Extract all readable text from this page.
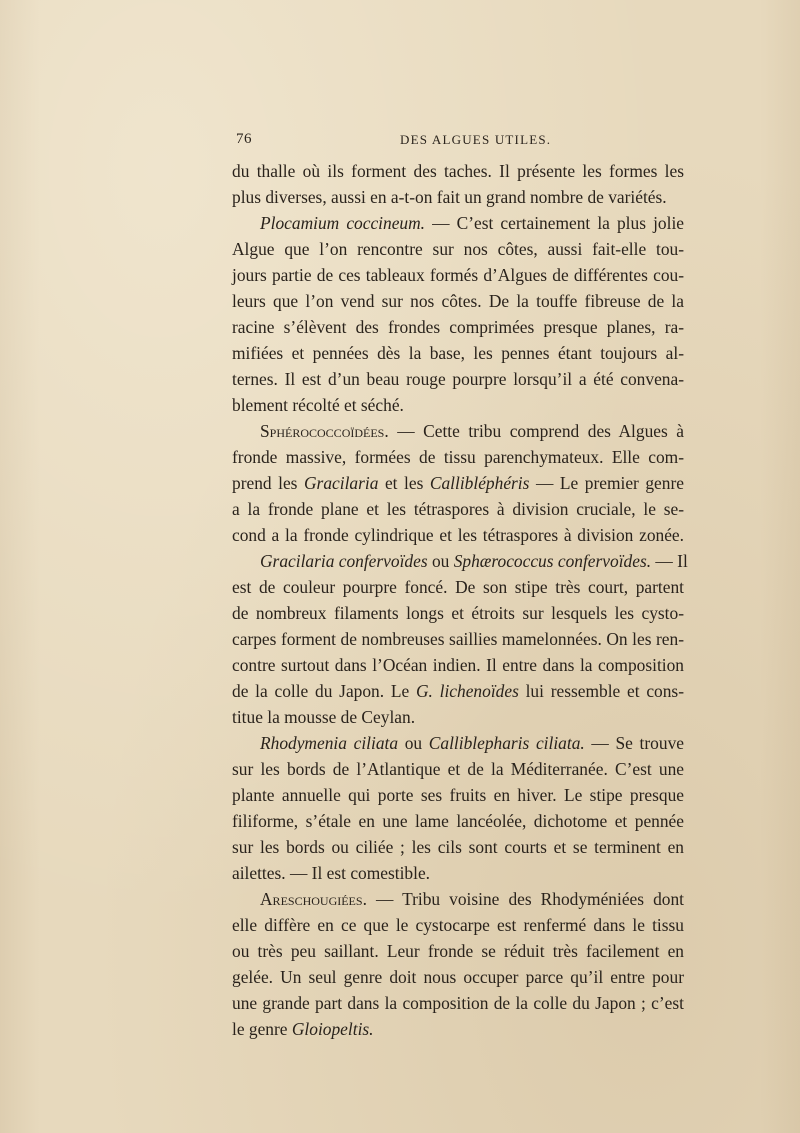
76	DES ALGUES UTILES.
du thalle où ils forment des taches. Il présente les formes les
plus diverses, aussi en a-t-on fait un grand nombre de variétés.
Plocamium coccineum. — C’est certainement la plus jolie
Algue que l’on rencontre sur nos côtes, aussi fait-elle tou-
jours partie de ces tableaux formés d’Algues de différentes cou-
leurs que l’on vend sur nos côtes. De la touffe fibreuse de la
racine s’élèvent des frondes comprimées presque planes, ra-
mifiées et pennées dès la base, les pennes étant toujours al-
ternes. Il est d’un beau rouge pourpre lorsqu’il a été convena-
blement récolté et séché.
Sphérococcoïdées. — Cette tribu comprend des Algues à
fronde massive, formées de tissu parenchymateux. Elle com-
prend les Gracilaria et les Callibléphéris — Le premier genre
a la fronde plane et les tétraspores à division cruciale, le se-
cond a la fronde cylindrique et les tétraspores à division zonée.
Gracilaria confervoïdes ou Sphærococcus confervoïdes. — Il
est de couleur pourpre foncé. De son stipe très court, partent
de nombreux filaments longs et étroits sur lesquels les cysto-
carpes forment de nombreuses saillies mamelonnées. On les ren-
contre surtout dans l’Océan indien. Il entre dans la composition
de la colle du Japon. Le G. lichenoïdes lui ressemble et cons-
titue la mousse de Ceylan.
Rhodymenia ciliata ou Calliblepharis ciliata. — Se trouve
sur les bords de l’Atlantique et de la Méditerranée. C’est une
plante annuelle qui porte ses fruits en hiver. Le stipe presque
filiforme, s’étale en une lame lancéolée, dichotome et pennée
sur les bords ou ciliée ; les cils sont courts et se terminent en
ailettes. — Il est comestible.
Areschougiées. — Tribu voisine des Rhodyméniées dont
elle diffère en ce que le cystocarpe est renfermé dans le tissu
ou très peu saillant. Leur fronde se réduit très facilement en
gelée. Un seul genre doit nous occuper parce qu’il entre pour
une grande part dans la composition de la colle du Japon ; c’est
le genre Gloiopeltis.
